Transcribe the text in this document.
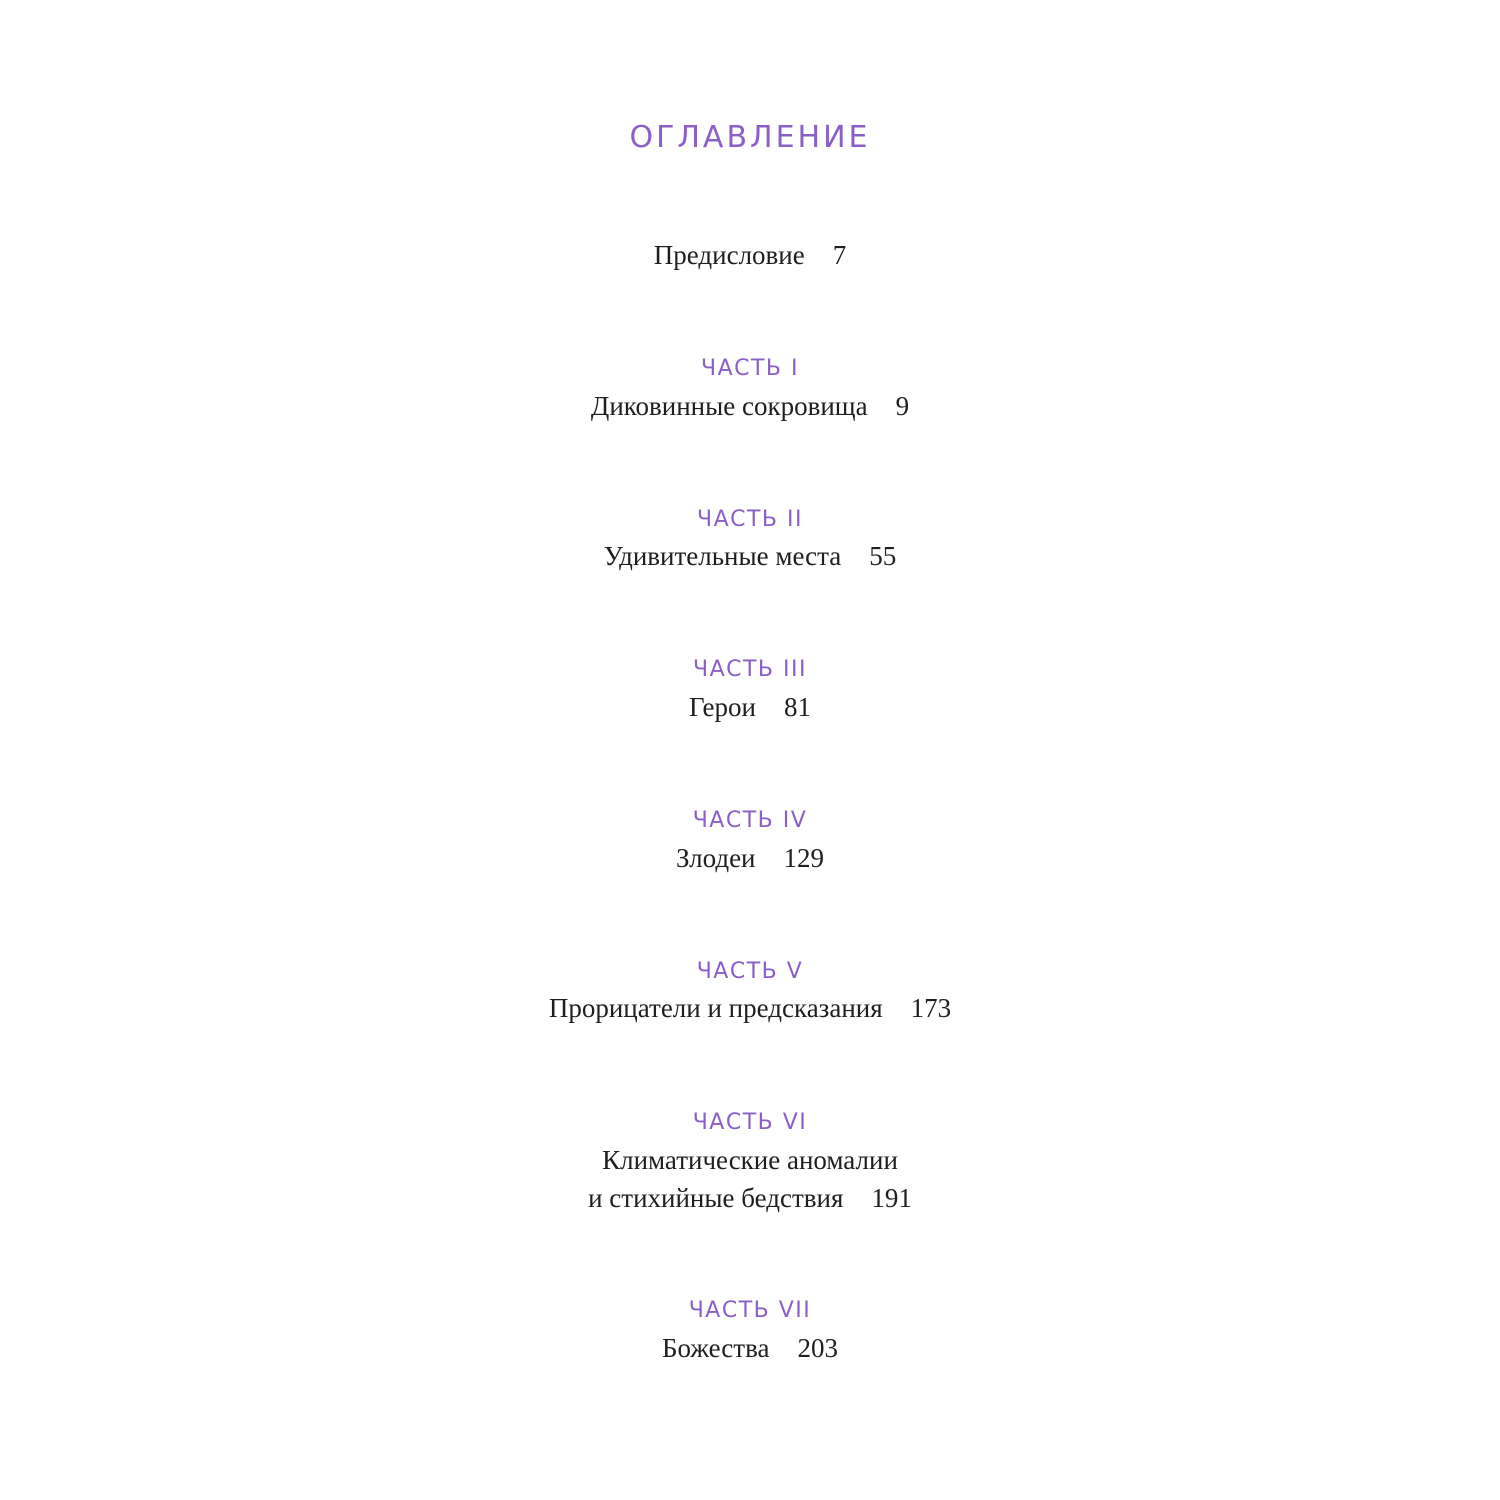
ОГЛАВЛЕНИЕ
Предисловие 7
ЧАСТЬ I
Диковинные сокровища 9
ЧАСТЬ II
Удивительные места 55
ЧАСТЬ III
Герои 81
ЧАСТЬ IV
Злодеи 129
ЧАСТЬ V
Прорицатели и предсказания 173
ЧАСТЬ VI
Климатические аномалии
и стихийные бедствия 191
ЧАСТЬ VII
Божества 203
